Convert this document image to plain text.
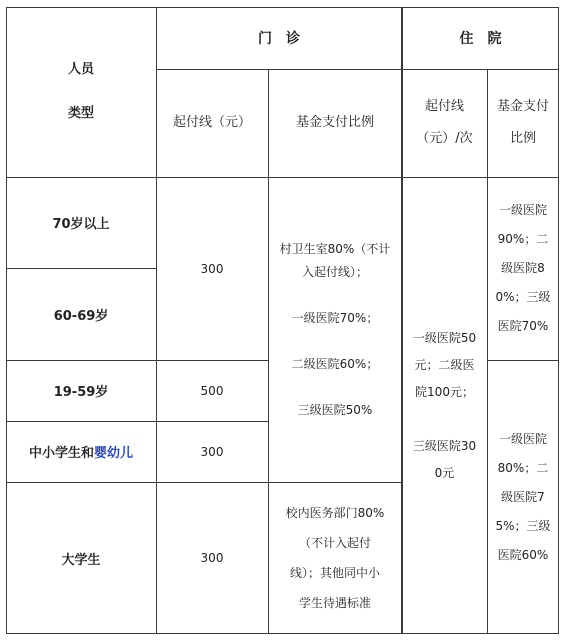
人员

类型
门　诊	住　院
起付线（元）	基金支付比例
起付线

（元）/次
基金支付

比例
70岁以上
60-69岁
19-59岁
中小学生和 婴幼儿
大学生
300
500
300
300
村卫生室80%（不计
入起付线）；

一级医院70%；

二级医院60%；

三级医院50%
校内医务部门80%
（不计入起付
线）；其他同中小
学生待遇标准
一级医院50
元；二级医
院100元；

三级医院30
0元
一级医院
90%；二
级医院8
0%；三级
医院70%
一级医院
80%；二
级医院7
5%；三级
医院60%
